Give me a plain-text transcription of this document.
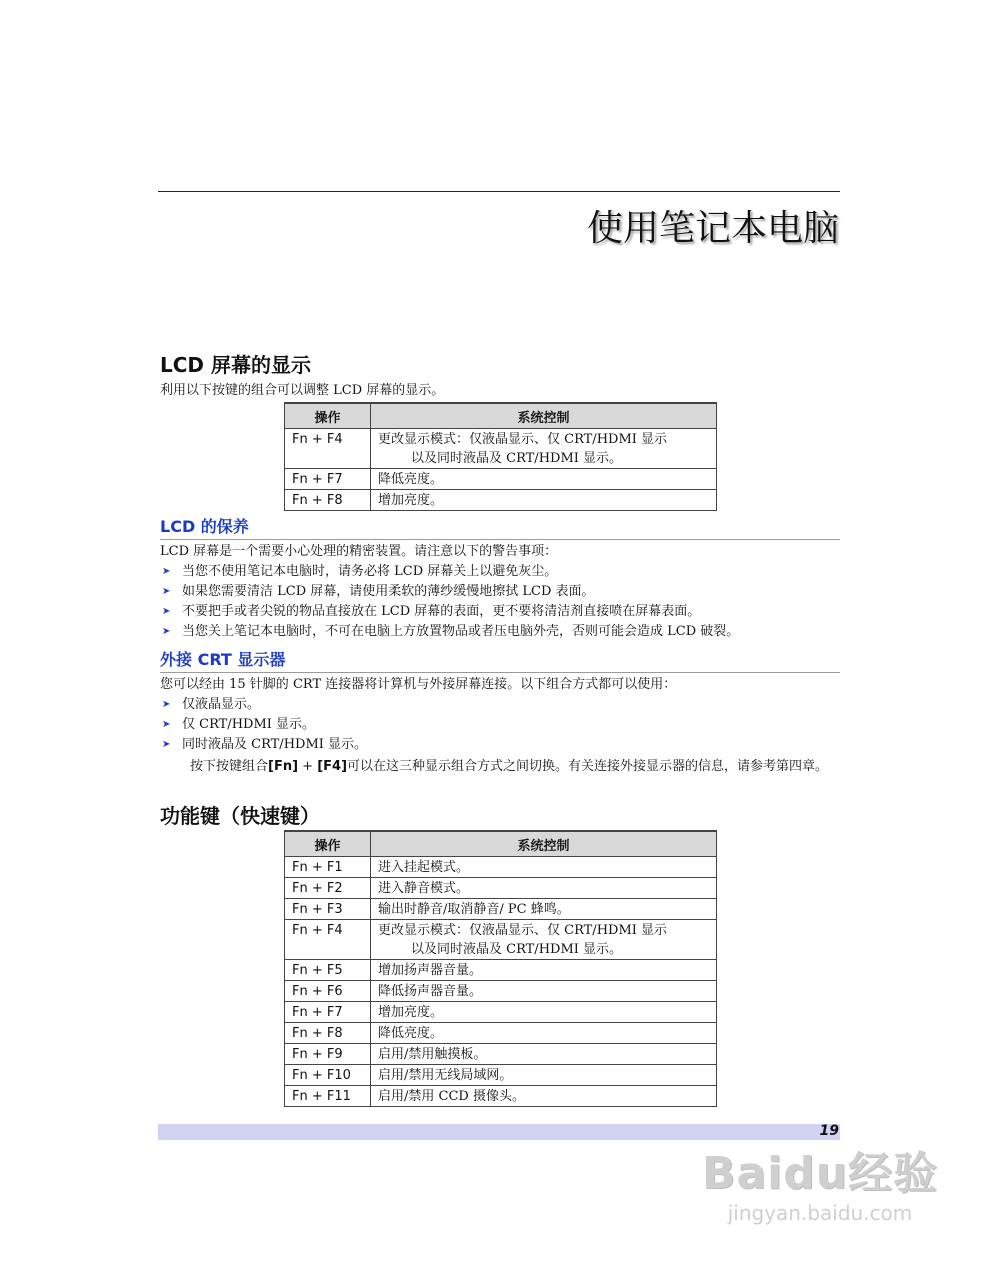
使用笔记本电脑
LCD 屏幕的显示
利用以下按键的组合可以调整 LCD 屏幕的显示。
操作	系统控制
Fn + F4	更改显示模式：仅液晶显示、仅 CRT/HDMI 显示
以及同时液晶及 CRT/HDMI 显示。

Fn + F7	降低亮度。
Fn + F8	增加亮度。
LCD 的保养
LCD 屏幕是一个需要小心处理的精密装置。请注意以下的警告事项：
➤ 当您不使用笔记本电脑时，请务必将 LCD 屏幕关上以避免灰尘。
➤ 如果您需要清洁 LCD 屏幕，请使用柔软的薄纱缓慢地擦拭 LCD 表面。
➤ 不要把手或者尖锐的物品直接放在 LCD 屏幕的表面，更不要将清洁剂直接喷在屏幕表面。
➤ 当您关上笔记本电脑时，不可在电脑上方放置物品或者压电脑外壳，否则可能会造成 LCD 破裂。
外接 CRT 显示器
您可以经由 15 针脚的 CRT 连接器将计算机与外接屏幕连接。以下组合方式都可以使用：
➤ 仅液晶显示。
➤ 仅 CRT/HDMI 显示。
➤ 同时液晶及 CRT/HDMI 显示。
按下按键组合[Fn] + [F4]可以在这三种显示组合方式之间切换。有关连接外接显示器的信息，请参考第四章。
功能键（快速键）
操作	系统控制
Fn + F1	进入挂起模式。
Fn + F2	进入静音模式。
Fn + F3	输出时静音/取消静音/ PC 蜂鸣。
Fn + F4	更改显示模式：仅液晶显示、仅 CRT/HDMI 显示
以及同时液晶及 CRT/HDMI 显示。

Fn + F5	增加扬声器音量。
Fn + F6	降低扬声器音量。
Fn + F7	增加亮度。
Fn + F8	降低亮度。
Fn + F9	启用/禁用触摸板。
Fn + F10	启用/禁用无线局域网。
Fn + F11	启用/禁用 CCD 摄像头。
19
Baidu经验
jingyan.baidu.com
